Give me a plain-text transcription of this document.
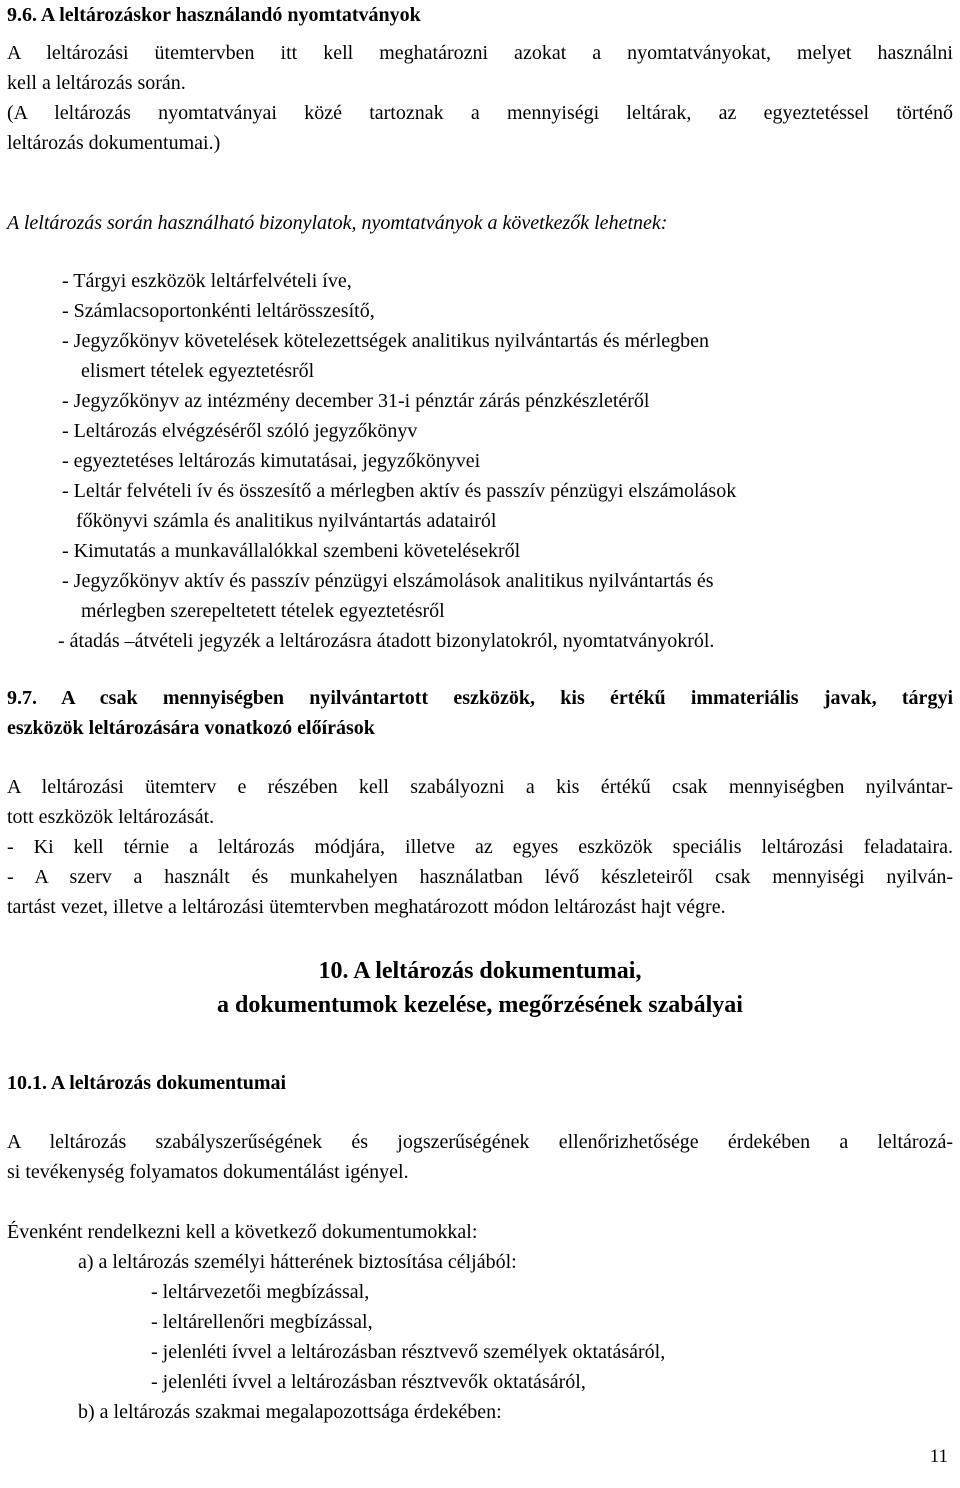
9.6. A leltározáskor használandó nyomtatványok
A leltározási ütemtervben itt kell meghatározni azokat a nyomtatványokat, melyet használni
kell a leltározás során.
(A leltározás nyomtatványai közé tartoznak a mennyiségi leltárak, az egyeztetéssel történő
leltározás dokumentumai.)
A leltározás során használható bizonylatok, nyomtatványok a következők lehetnek:
- Tárgyi eszközök leltárfelvételi íve,
- Számlacsoportonkénti leltárösszesítő,
- Jegyzőkönyv követelések kötelezettségek analitikus nyilvántartás és mérlegben
elismert tételek egyeztetésről
- Jegyzőkönyv az intézmény december 31-i pénztár zárás pénzkészletéről
- Leltározás elvégzéséről szóló jegyzőkönyv
- egyeztetéses leltározás kimutatásai, jegyzőkönyvei
- Leltár felvételi ív és összesítő a mérlegben aktív és passzív pénzügyi elszámolások
főkönyvi számla és analitikus nyilvántartás adatairól
- Kimutatás a munkavállalókkal szembeni követelésekről
- Jegyzőkönyv aktív és passzív pénzügyi elszámolások analitikus nyilvántartás és
mérlegben szerepeltetett tételek egyeztetésről
- átadás –átvételi jegyzék a leltározásra átadott bizonylatokról, nyomtatványokról.
9.7. A csak mennyiségben nyilvántartott eszközök, kis értékű immateriális javak, tárgyi
eszközök leltározására vonatkozó előírások
A leltározási ütemterv e részében kell szabályozni a kis értékű csak mennyiségben nyilvántar-
tott eszközök leltározását.
- Ki kell térnie a leltározás módjára, illetve az egyes eszközök speciális leltározási feladataira.
- A szerv a használt és munkahelyen használatban lévő készleteiről csak mennyiségi nyilván-
tartást vezet, illetve a leltározási ütemtervben meghatározott módon leltározást hajt végre.
10. A leltározás dokumentumai,
a dokumentumok kezelése, megőrzésének szabályai
10.1. A leltározás dokumentumai
A leltározás szabályszerűségének és jogszerűségének ellenőrizhetősége érdekében a leltározá-
si tevékenység folyamatos dokumentálást igényel.
Évenként rendelkezni kell a következő dokumentumokkal:
a) a leltározás személyi hátterének biztosítása céljából:
- leltárvezetői megbízással,
- leltárellenőri megbízással,
- jelenléti ívvel a leltározásban résztvevő személyek oktatásáról,
- jelenléti ívvel a leltározásban résztvevők oktatásáról,
b) a leltározás szakmai megalapozottsága érdekében:
11
